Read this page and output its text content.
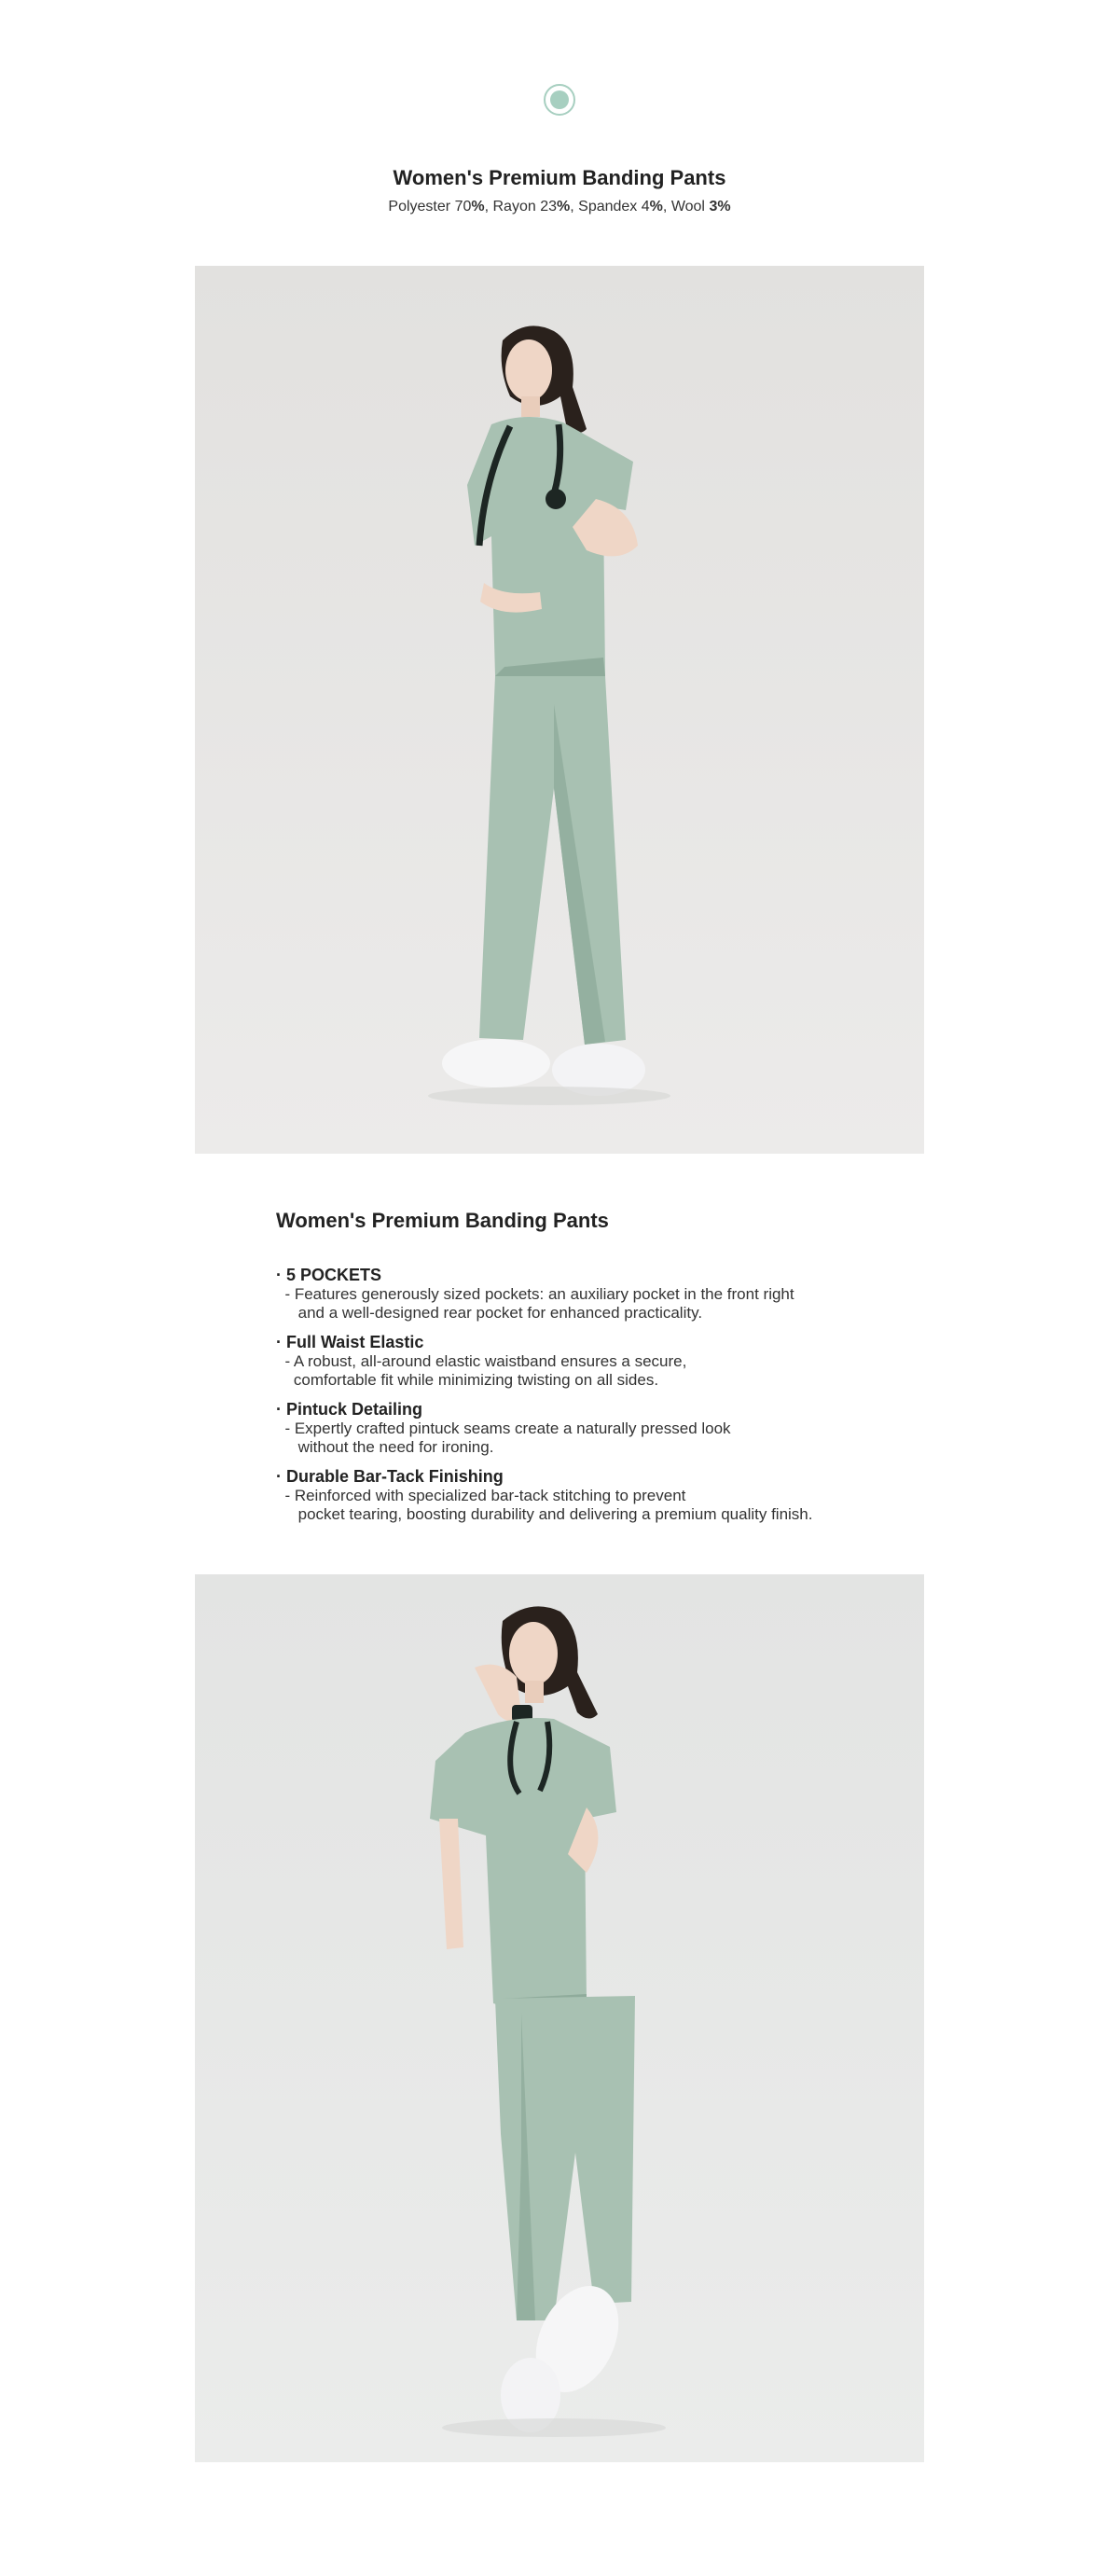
Women's Premium Banding Pants
Polyester 70%, Rayon 23%, Spandex 4%, Wool 3%
Women's Premium Banding Pants
· 5 POCKETS
- Features generously sized pockets: an auxiliary pocket in the front right
and a well-designed rear pocket for enhanced practicality.
· Full Waist Elastic
- A robust, all-around elastic waistband ensures a secure,
comfortable fit while minimizing twisting on all sides.
· Pintuck Detailing
- Expertly crafted pintuck seams create a naturally pressed look
without the need for ironing.
· Durable Bar-Tack Finishing
- Reinforced with specialized bar-tack stitching to prevent
pocket tearing, boosting durability and delivering a premium quality finish.
